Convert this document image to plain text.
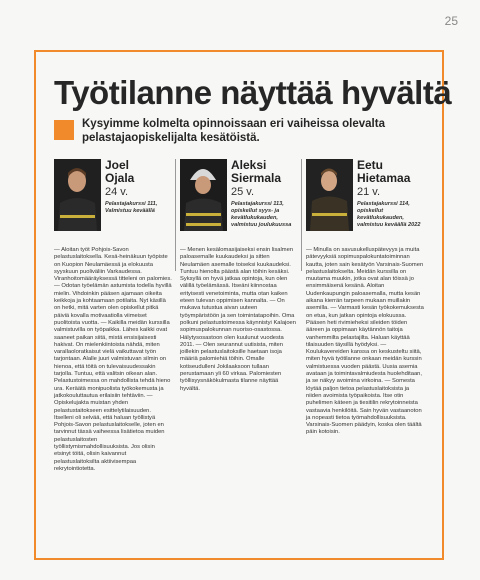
25
Työtilanne näyttää hyvältä

Kysyimme kolmelta opinnoissaan eri vaiheissa olevalta pelastajaopiskelijalta kesätöistä.

Joel

Ojala

24 v.

Pelastajakurssi 111, Valmistuu keväällä

Aleksi

Siermala

25 v.

Pelastajakurssi 113, opiskellut syys- ja kevätlukukauden, valmistuu joulukuussa

Eetu

Hietamaa

21 v.

Pelastajakurssi 114, opiskellut kevätlukukauden, valmistuu keväällä 2022

— Aloitan työt Pohjois-Savon pelastuslaitoksella. Kesä-heinäkuun työpiste on Kuopion Neulamäessä ja elokuusta syyskuun puoliväliin Varkaudessa. Viranhoitomääräyksessä titteleni on palomies. — Odotan työelämän astumista todella hyvillä mielin. Vihdoinkin pääsen ajamaan oikeita keikkoja ja kohtaamaan potilaita. Nyt käsillä on hetki, mitä varten olen opiskellut pitkä päiviä kovalla motivaatiolla viimeiset puolitoista vuotta. — Kaikilla meidän kurssilla valmistuvilla on työpaikka. Lähes kaikki ovat saaneet paikan siitä, mistä ensisijaisesti hakivat. On mielenkiintoista nähdä, miten varallaoloratkaisut vielä vaikuttavat työn tarjontaan. Alalle juuri valmistuvan silmin on hienoa, että töitä on tulevaisuudessakin tarjolla. Tuntuu, että valitsin oikean alan. Pelastustoimessa on mahdollista tehdä hieno ura. Keräätä monipuolista työkokemusta ja jatkokouluttautua erilaisiin tehtäviin. — Opiskelujakta muistan yhden pelastustaitokseen esittelytilaisuuden. Itselleni oli selvää, että haluan työllistyä Pohjois-Savon pelastuslaitokselle, joten en tarvinnut tässä vaiheessa lisätietoa muiden pelastuslaitosten työllistymismahdollisuuksista. Jos olisin etsinyt töitä, olisin kaivannut pelastuslaitoksilta aktiivisempaa rekrytointiotetta.

— Menen kesälomasijaiseksi ensin lisalmen paloasemalle kuukaudeksi ja sitten Neulamäen asemalle toiseksi kuukaudeksi. Tuntuu hienolta päästä alan töihin kesäksi. Syksyllä on hyvä jatkaa opintoja, kun olen välillä työelämässä. Itseäni kiinnostaa erityisesti venetoiminta, mutta otan kaiken eteen tulevan oppimisen kannalta. — On mukava tutustua aivan uuteen työympäristöön ja sen toimintatapoihin. Oma polkuni pelastustoimessa käynnistyi Kalajoen sopimuspalokunnan nuoriso-osastossa. Hälytysosastoon olen kuulunut vuodesta 2011. — Olen seurannut uutisista, miten joillekin pelastuslaitoksille haetaan isoja määriä palomiehiä töihin. Omalle kotiseudulleni Jokilaaksoon tullaan perustamaan yli 60 virkaa. Palomiesten työllisyysnäkökulmasta tilanne näyttää hyvältä.

— Minulla on savusukelluspätevyys ja muita pätevyyksiä sopimuspalokuntatoiminnan kautta, joten sain kesätyön Varsinais-Suomen pelastuslaitokselta. Meidän kurssilla on muutama muukin, jotka ovat alan töissä jo ensimmäisenä kesänä. Aloitan Uudenkaupungin paloasemalla, mutta kesän aikana kierrän tarpeen mukaan muillakin asemilla. — Varmasti kesän työkokemuksesta on etua, kun jatkan opintoja elokuussa. Pääsen heti rivimieheksi sileiden töiden ääreen ja oppimaan käytännön taitoja vanhemmilta pelastajilta. Haluan käyttää tilaisuuden täysillä hyödyksi. — Koulukavereiden kanssa on keskusteltu siitä, miten hyvä työtilanne onkaan meidän kurssin valmistuessa vuoden päästä. Uusia asemia avataan ja toimintavalmiudesta huolehditaan, ja se näkyy avoimina virkoina. — Somesta löytää paljon tietoa pelastuslaitoksista ja niiden avoimista työpaikoista. Itse otin puhelimen käteen ja tiesitilin rekrytoinneista vastaavia henkilöitä. Sain hyvän vastaanoton ja nopeasti tietoa työmahdollisuuksista. Varsinais-Suomen päädyin, koska olen täältä päin kotoisin.
